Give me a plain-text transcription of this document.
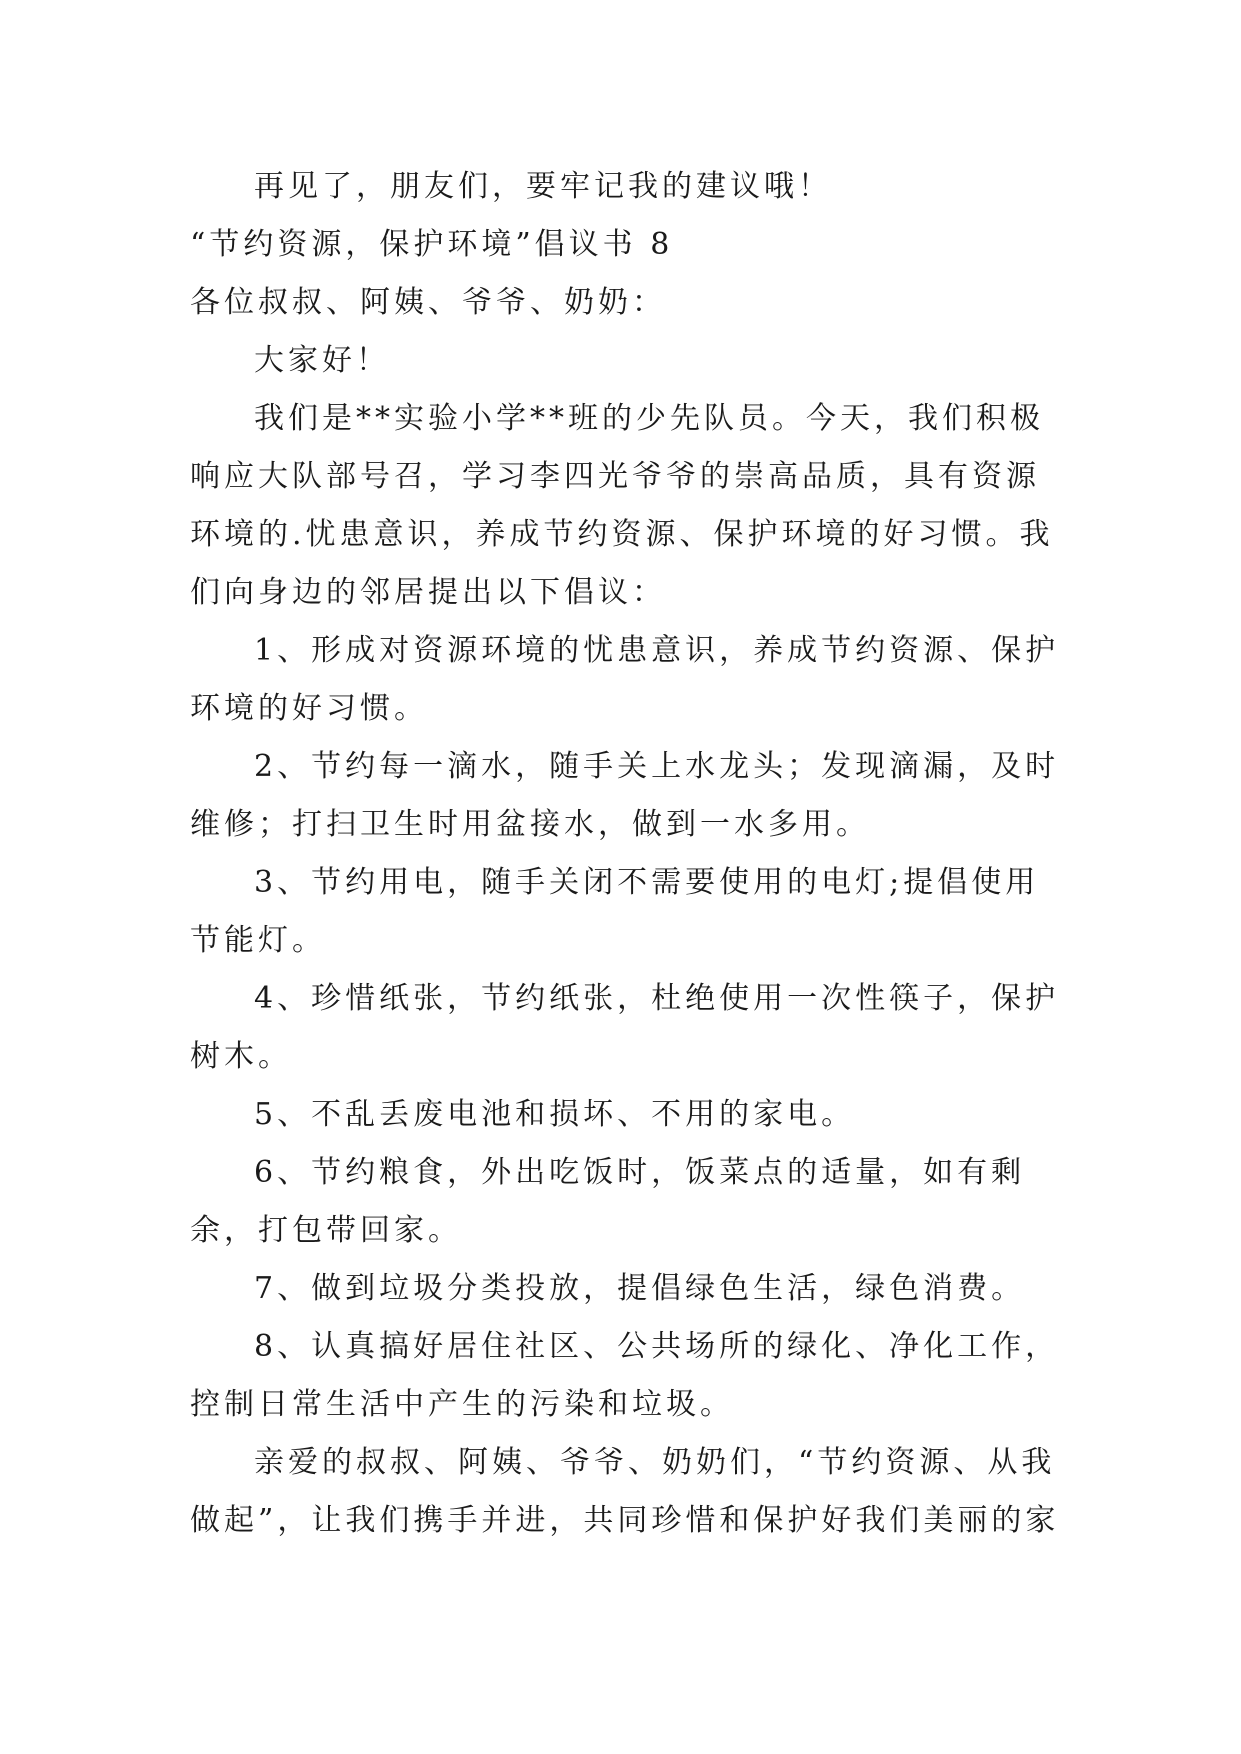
再见了，朋友们，要牢记我的建议哦！

“节约资源，保护环境”倡议书 8

各位叔叔、阿姨、爷爷、奶奶：

大家好！

我们是**实验小学**班的少先队员。今天，我们积极响应大队部号召，学习李四光爷爷的崇高品质，具有资源环境的.忧患意识，养成节约资源、保护环境的好习惯。我们向身边的邻居提出以下倡议：

1、形成对资源环境的忧患意识，养成节约资源、保护环境的好习惯。

2、节约每一滴水，随手关上水龙头；发现滴漏，及时维修；打扫卫生时用盆接水，做到一水多用。

3、节约用电，随手关闭不需要使用的电灯;提倡使用节能灯。

4、珍惜纸张，节约纸张，杜绝使用一次性筷子，保护树木。

5、不乱丢废电池和损坏、不用的家电。

6、节约粮食，外出吃饭时，饭菜点的适量，如有剩余，打包带回家。

7、做到垃圾分类投放，提倡绿色生活，绿色消费。

8、认真搞好居住社区、公共场所的绿化、净化工作，控制日常生活中产生的污染和垃圾。

亲爱的叔叔、阿姨、爷爷、奶奶们，“节约资源、从我做起”，让我们携手并进，共同珍惜和保护好我们美丽的家
